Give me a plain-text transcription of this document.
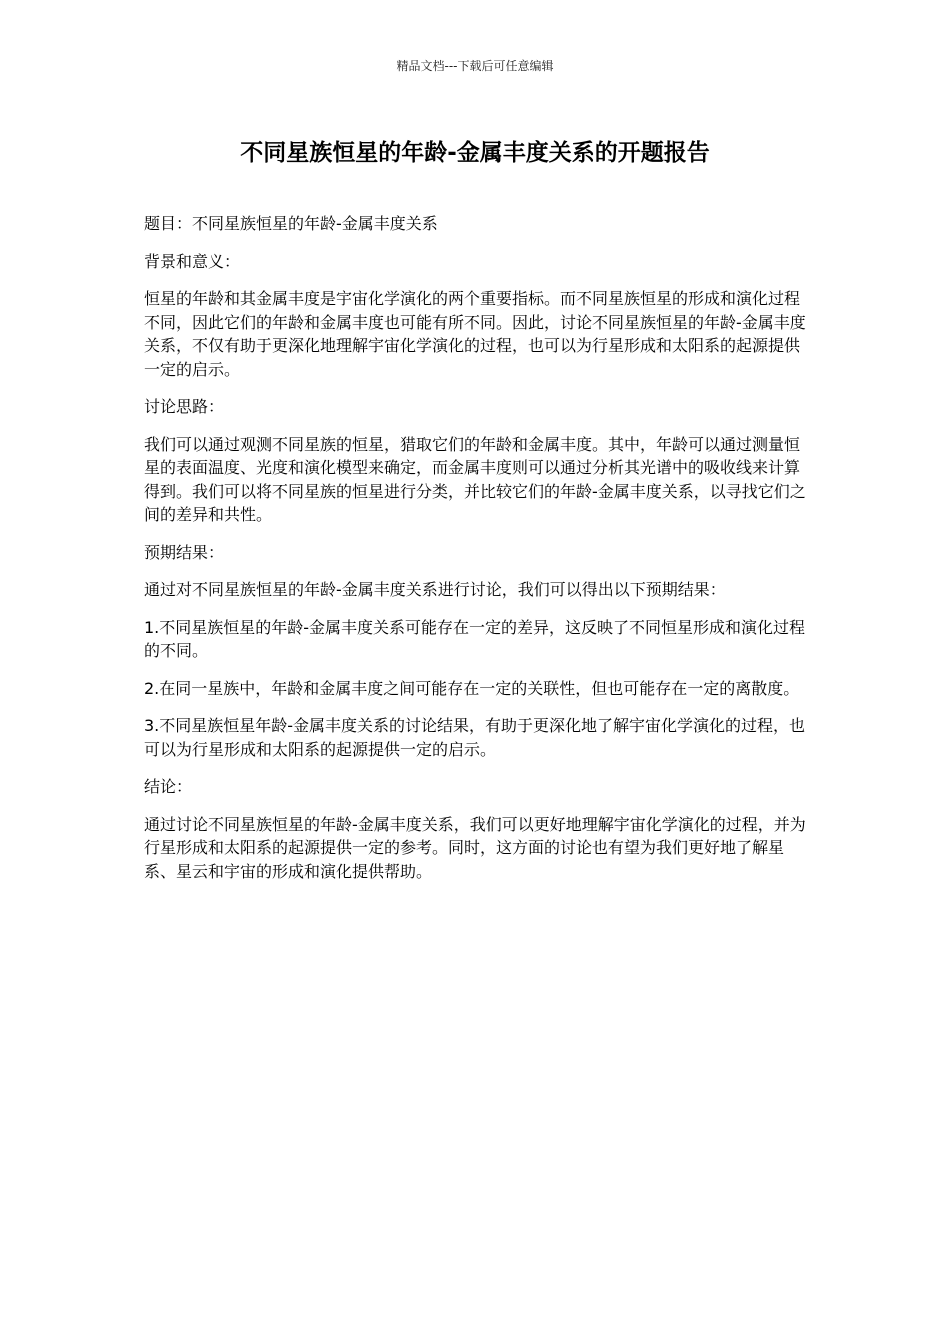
精品文档---下载后可任意编辑
不同星族恒星的年龄-金属丰度关系的开题报告

题目：不同星族恒星的年龄-金属丰度关系

背景和意义：

恒星的年龄和其金属丰度是宇宙化学演化的两个重要指标。而不同星族恒星的形成和演化过程不同，因此它们的年龄和金属丰度也可能有所不同。因此，讨论不同星族恒星的年龄-金属丰度关系，不仅有助于更深化地理解宇宙化学演化的过程，也可以为行星形成和太阳系的起源提供一定的启示。

讨论思路：

我们可以通过观测不同星族的恒星，猎取它们的年龄和金属丰度。其中，年龄可以通过测量恒星的表面温度、光度和演化模型来确定，而金属丰度则可以通过分析其光谱中的吸收线来计算得到。我们可以将不同星族的恒星进行分类，并比较它们的年龄-金属丰度关系，以寻找它们之间的差异和共性。

预期结果：

通过对不同星族恒星的年龄-金属丰度关系进行讨论，我们可以得出以下预期结果：

1.不同星族恒星的年龄-金属丰度关系可能存在一定的差异，这反映了不同恒星形成和演化过程的不同。

2.在同一星族中，年龄和金属丰度之间可能存在一定的关联性，但也可能存在一定的离散度。

3.不同星族恒星年龄-金属丰度关系的讨论结果，有助于更深化地了解宇宙化学演化的过程，也可以为行星形成和太阳系的起源提供一定的启示。

结论：

通过讨论不同星族恒星的年龄-金属丰度关系，我们可以更好地理解宇宙化学演化的过程，并为行星形成和太阳系的起源提供一定的参考。同时，这方面的讨论也有望为我们更好地了解星系、星云和宇宙的形成和演化提供帮助。
